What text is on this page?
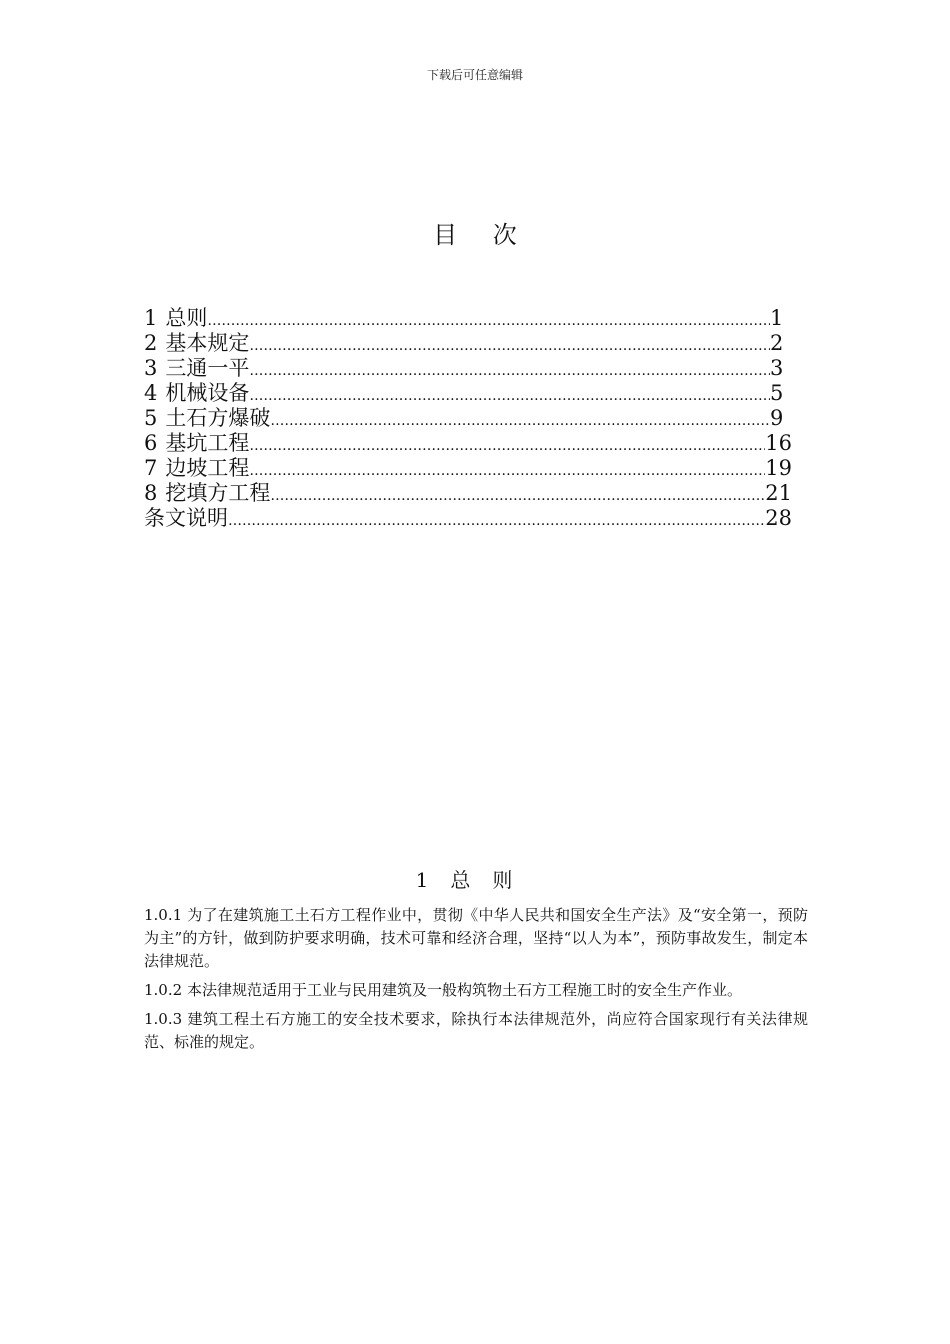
下载后可任意编辑
目 次
1 总则 ……………………………………………………………………………………………………………………………………………………………	1
2 基本规定 ……………………………………………………………………………………………………………………………………………………………	2
3 三通一平 ……………………………………………………………………………………………………………………………………………………………	3
4 机械设备 ……………………………………………………………………………………………………………………………………………………………	5
5 土石方爆破 ……………………………………………………………………………………………………………………………………………………………	9
6 基坑工程 ……………………………………………………………………………………………………………………………………………………………	16
7 边坡工程 ……………………………………………………………………………………………………………………………………………………………	19
8 挖填方工程 ……………………………………………………………………………………………………………………………………………………………	21
条文说明 ……………………………………………………………………………………………………………………………………………………………	28
1 总则

1.0.1 为了在建筑施工土石方工程作业中，贯彻《中华人民共和国安全生产法》及“安全第一，预防为主”的方针，做到防护要求明确，技术可靠和经济合理，坚持“以人为本”，预防事故发生，制定本法律规范。

1.0.2 本法律规范适用于工业与民用建筑及一般构筑物土石方工程施工时的安全生产作业。

1.0.3 建筑工程土石方施工的安全技术要求，除执行本法律规范外，尚应符合国家现行有关法律规范、标准的规定。
